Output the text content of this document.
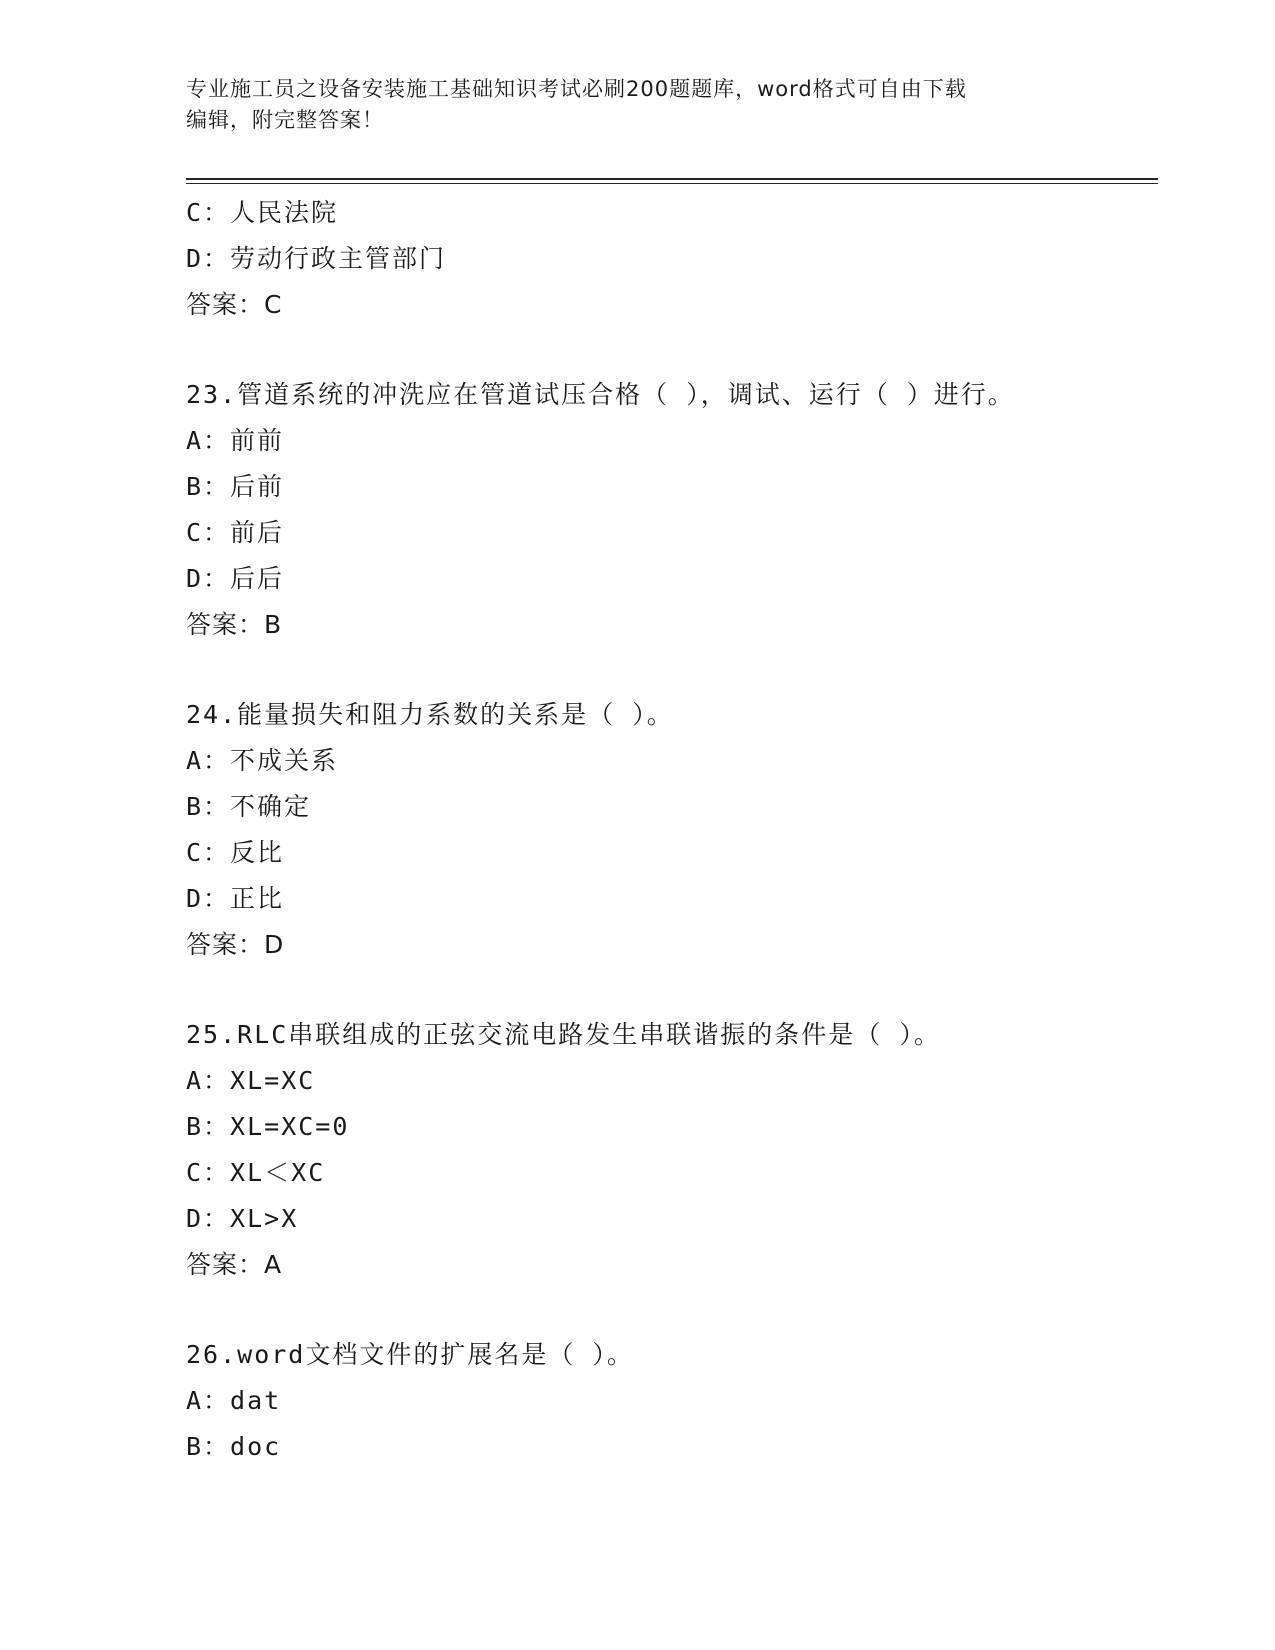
专业施工员之设备安装施工基础知识考试必刷200题题库，word格式可自由下载
编辑，附完整答案！
C：人民法院
D：劳动行政主管部门
答案：C
23.管道系统的冲洗应在管道试压合格（ ），调试、运行（ ）进行。
A：前前
B：后前
C：前后
D：后后
答案：B
24.能量损失和阻力系数的关系是（ ）。
A：不成关系
B：不确定
C：反比
D：正比
答案：D
25.RLC串联组成的正弦交流电路发生串联谐振的条件是（ ）。
A：XL=XC
B：XL=XC=0
C：XL＜XC
D：XL>X
答案：A
26.word文档文件的扩展名是（ ）。
A：dat
B：doc
